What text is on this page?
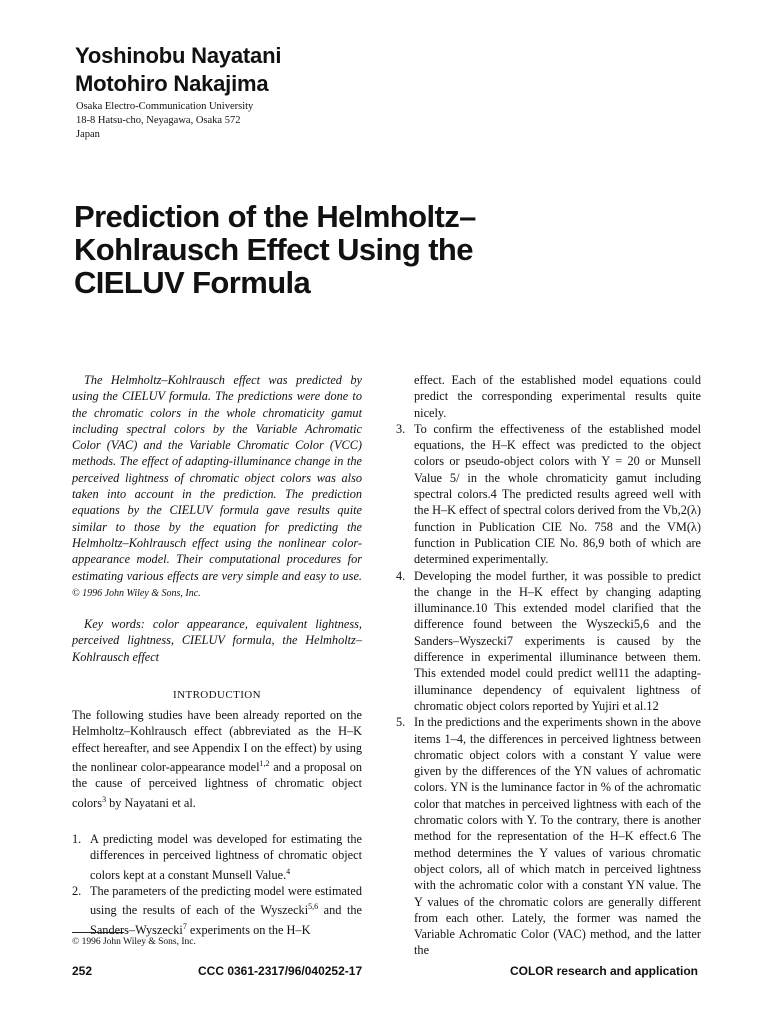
Yoshinobu Nayatani
Motohiro Nakajima
Osaka Electro-Communication University
18-8 Hatsu-cho, Neyagawa, Osaka 572
Japan
Prediction of the Helmholtz–
Kohlrausch Effect Using the
CIELUV Formula

The Helmholtz–Kohlrausch effect was predicted by using the CIELUV formula. The predictions were done to the chromatic colors in the whole chromaticity gamut including spectral colors by the Variable Achromatic Color (VAC) and the Variable Chromatic Color (VCC) methods. The effect of adapting-illuminance change in the perceived lightness of chromatic object colors was also taken into account in the prediction. The prediction equations by the CIELUV formula gave results quite similar to those by the equation for predicting the Helmholtz–Kohlrausch effect using the nonlinear color-appearance model. Their computational procedures for estimating various effects are very simple and easy to use. © 1996 John Wiley & Sons, Inc.

Key words: color appearance, equivalent lightness, perceived lightness, CIELUV formula, the Helmholtz–Kohlrausch effect

INTRODUCTION

The following studies have been already reported on the Helmholtz–Kohlrausch effect (abbreviated as the H–K effect hereafter, and see Appendix I on the effect) by using the nonlinear color-appearance model$^{1,2}$ and a proposal on the cause of perceived lightness of chromatic object colors$^3$ by Nayatani et al.

1. A predicting model was developed for estimating the differences in perceived lightness of chromatic object colors kept at a constant Munsell Value.$^4$
2. The parameters of the predicting model were estimated using the results of each of the Wyszecki$^{5,6}$ and the Sanders–Wyszecki$^7$ experiments on the H–K

effect. Each of the established model equations could predict the corresponding experimental results quite nicely.

3. To confirm the effectiveness of the established model equations, the H–K effect was predicted to the object colors or pseudo-object colors with Y = 20 or Munsell Value 5/ in the whole chromaticity gamut including spectral colors.4 The predicted results agreed well with the H–K effect of spectral colors derived from the Vb,2(λ) function in Publication CIE No. 758 and the VM(λ) function in Publication CIE No. 86,9 both of which are determined experimentally.
4. Developing the model further, it was possible to predict the change in the H–K effect by changing adapting illuminance.10 This extended model clarified that the difference found between the Wyszecki5,6 and the Sanders–Wyszecki7 experiments is caused by the difference in experimental illuminance between them. This extended model could predict well11 the adapting-illuminance dependency of equivalent lightness of chromatic object colors reported by Yujiri et al.12
5. In the predictions and the experiments shown in the above items 1–4, the differences in perceived lightness between chromatic object colors with a constant Y value were given by the differences of the YN values of achromatic colors. YN is the luminance factor in % of the achromatic color that matches in perceived lightness with each of the chromatic colors with Y. To the contrary, there is another method for the representation of the H–K effect.6 The method determines the Y values of various chromatic object colors, all of which match in perceived lightness with the achromatic color with a constant YN value. The Y values of the chromatic colors are generally different from each other. Lately, the former was named the Variable Achromatic Color (VAC) method, and the latter the
© 1996 John Wiley & Sons, Inc.
252	CCC 0361-2317/96/040252-17	COLOR research and application
